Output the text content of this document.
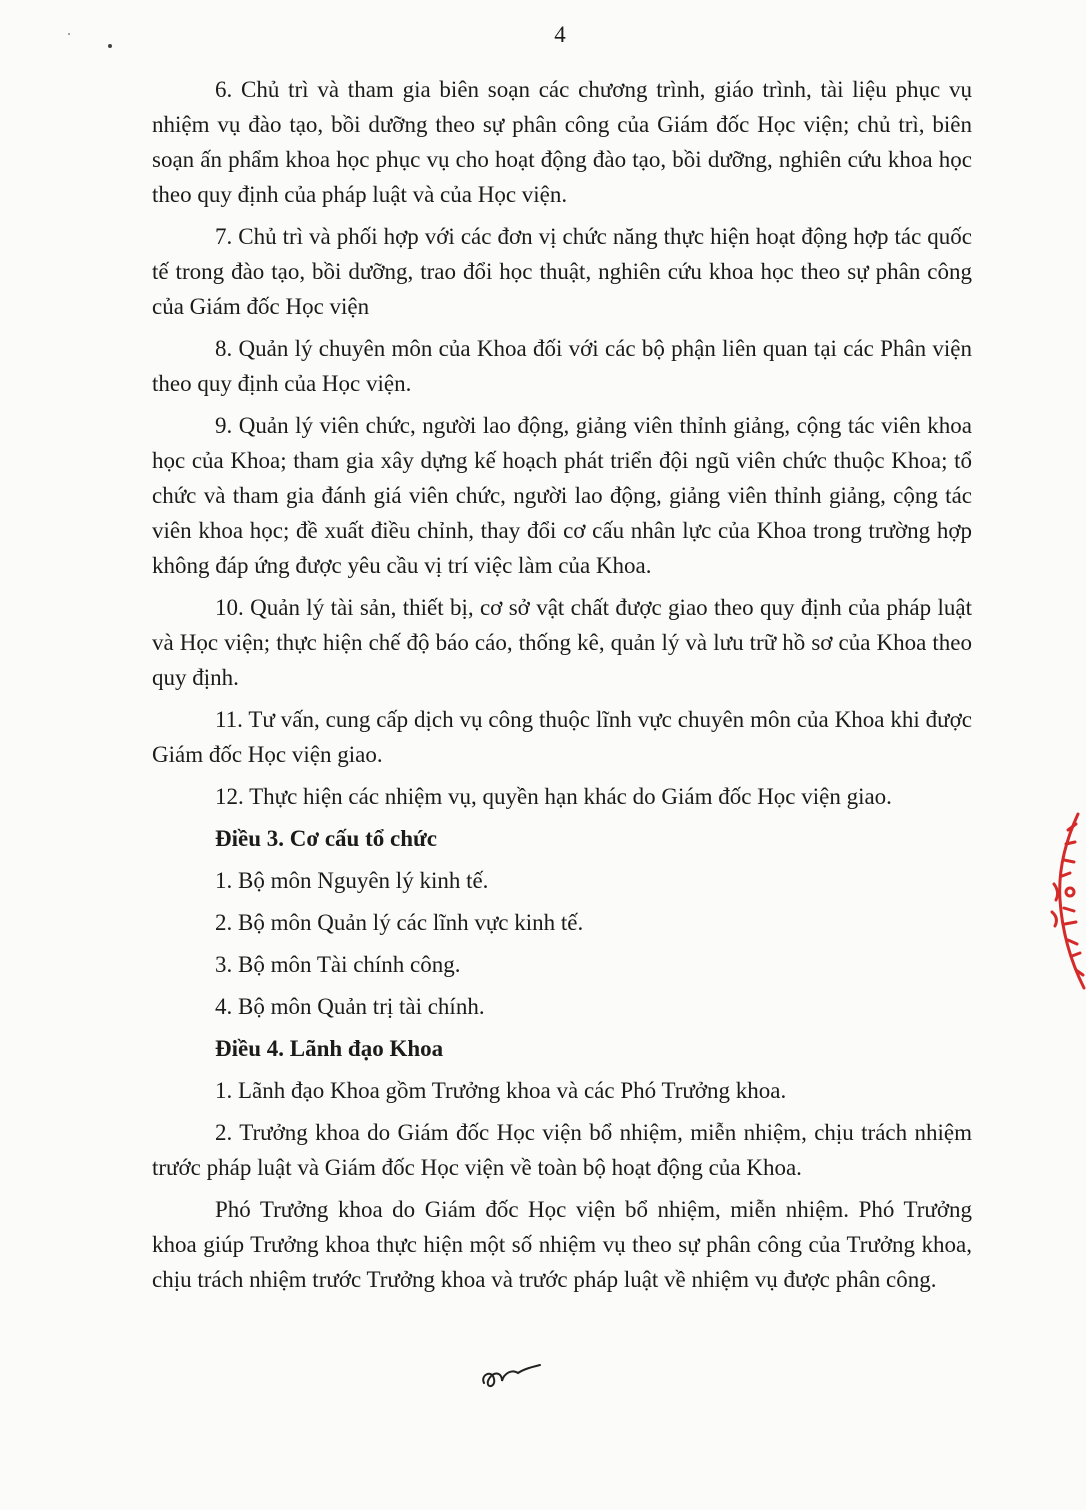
4

6. Chủ trì và tham gia biên soạn các chương trình, giáo trình, tài liệu phục vụ nhiệm vụ đào tạo, bồi dưỡng theo sự phân công của Giám đốc Học viện; chủ trì, biên soạn ấn phẩm khoa học phục vụ cho hoạt động đào tạo, bồi dưỡng, nghiên cứu khoa học theo quy định của pháp luật và của Học viện.

7. Chủ trì và phối hợp với các đơn vị chức năng thực hiện hoạt động hợp tác quốc tế trong đào tạo, bồi dưỡng, trao đổi học thuật, nghiên cứu khoa học theo sự phân công của Giám đốc Học viện

8. Quản lý chuyên môn của Khoa đối với các bộ phận liên quan tại các Phân viện theo quy định của Học viện.

9. Quản lý viên chức, người lao động, giảng viên thỉnh giảng, cộng tác viên khoa học của Khoa; tham gia xây dựng kế hoạch phát triển đội ngũ viên chức thuộc Khoa; tổ chức và tham gia đánh giá viên chức, người lao động, giảng viên thỉnh giảng, cộng tác viên khoa học; đề xuất điều chỉnh, thay đổi cơ cấu nhân lực của Khoa trong trường hợp không đáp ứng được yêu cầu vị trí việc làm của Khoa.

10. Quản lý tài sản, thiết bị, cơ sở vật chất được giao theo quy định của pháp luật và Học viện; thực hiện chế độ báo cáo, thống kê, quản lý và lưu trữ hồ sơ của Khoa theo quy định.

11. Tư vấn, cung cấp dịch vụ công thuộc lĩnh vực chuyên môn của Khoa khi được Giám đốc Học viện giao.

12. Thực hiện các nhiệm vụ, quyền hạn khác do Giám đốc Học viện giao.

Điều 3. Cơ cấu tổ chức

1. Bộ môn Nguyên lý kinh tế.

2. Bộ môn Quản lý các lĩnh vực kinh tế.

3. Bộ môn Tài chính công.

4. Bộ môn Quản trị tài chính.

Điều 4. Lãnh đạo Khoa

1. Lãnh đạo Khoa gồm Trưởng khoa và các Phó Trưởng khoa.

2. Trưởng khoa do Giám đốc Học viện bổ nhiệm, miễn nhiệm, chịu trách nhiệm trước pháp luật và Giám đốc Học viện về toàn bộ hoạt động của Khoa.

Phó Trưởng khoa do Giám đốc Học viện bổ nhiệm, miễn nhiệm. Phó Trưởng khoa giúp Trưởng khoa thực hiện một số nhiệm vụ theo sự phân công của Trưởng khoa, chịu trách nhiệm trước Trưởng khoa và trước pháp luật về nhiệm vụ được phân công.
